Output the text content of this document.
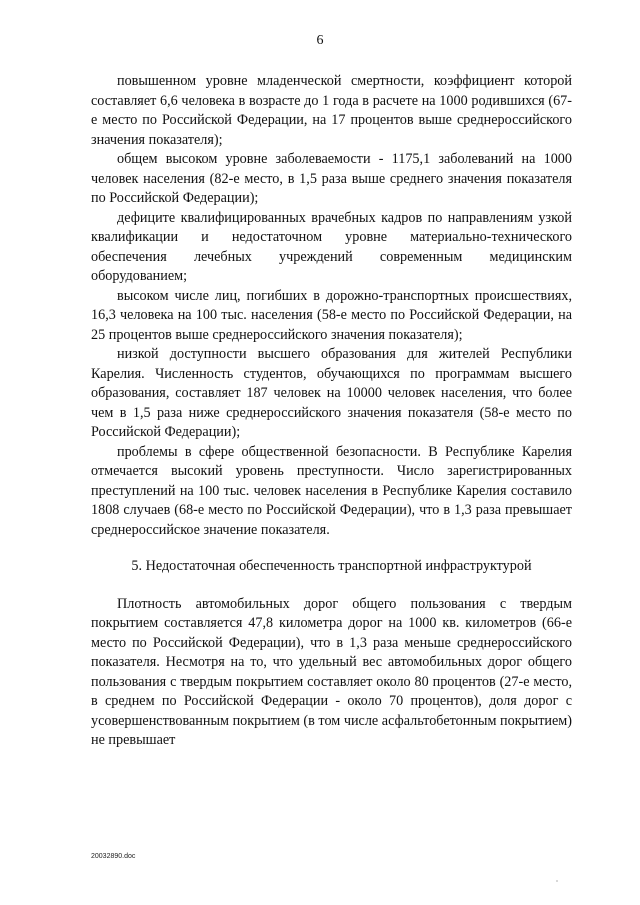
6

повышенном уровне младенческой смертности, коэффициент которой составляет 6,6 человека в возрасте до 1 года в расчете на 1000 родившихся (67-е место по Российской Федерации, на 17 процентов выше среднероссийского значения показателя);

общем высоком уровне заболеваемости - 1175,1 заболеваний на 1000 человек населения (82-е место, в 1,5 раза выше среднего значения показателя по Российской Федерации);

дефиците квалифицированных врачебных кадров по направлениям узкой квалификации и недостаточном уровне материально-технического обеспечения лечебных учреждений современным медицинским оборудованием;

высоком числе лиц, погибших в дорожно-транспортных происшествиях, 16,3 человека на 100 тыс. населения (58-е место по Российской Федерации, на 25 процентов выше среднероссийского значения показателя);

низкой доступности высшего образования для жителей Республики Карелия. Численность студентов, обучающихся по программам высшего образования, составляет 187 человек на 10000 человек населения, что более чем в 1,5 раза ниже среднероссийского значения показателя (58-е место по Российской Федерации);

проблемы в сфере общественной безопасности. В Республике Карелия отмечается высокий уровень преступности. Число зарегистрированных преступлений на 100 тыс. человек населения в Республике Карелия составило 1808 случаев (68-е место по Российской Федерации), что в 1,3 раза превышает среднероссийское значение показателя.

5. Недостаточная обеспеченность транспортной инфраструктурой

Плотность автомобильных дорог общего пользования с твердым покрытием составляется 47,8 километра дорог на 1000 кв. километров (66-е место по Российской Федерации), что в 1,3 раза меньше среднероссийского показателя. Несмотря на то, что удельный вес автомобильных дорог общего пользования с твердым покрытием составляет около 80 процентов (27-е место, в среднем по Российской Федерации - около 70 процентов), доля дорог с усовершенствованным покрытием (в том числе асфальтобетонным покрытием) не превышает

20032890.doc
